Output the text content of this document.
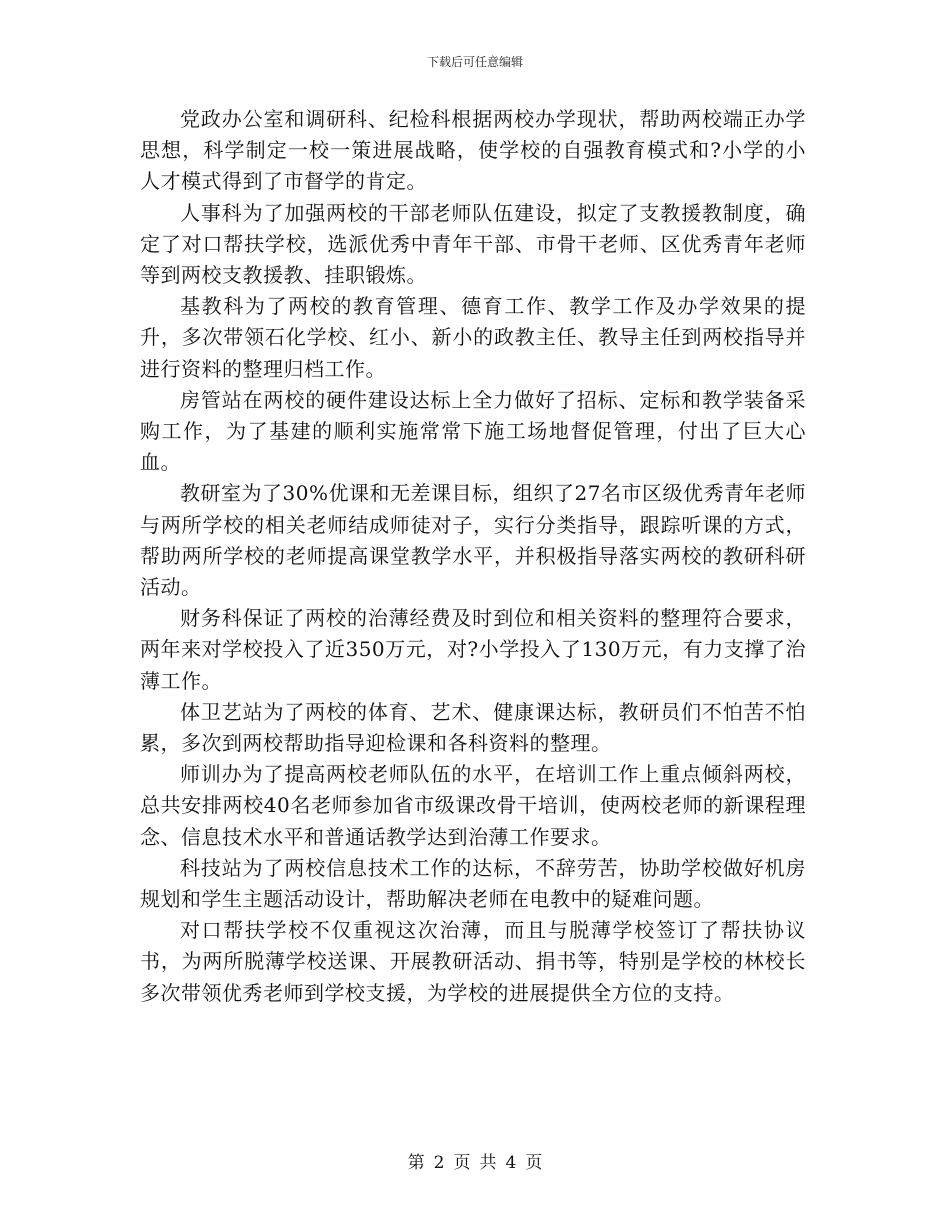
下载后可任意编辑

党政办公室和调研科、纪检科根据两校办学现状，帮助两校端正办学思想，科学制定一校一策进展战略，使学校的自强教育模式和?小学的小人才模式得到了市督学的肯定。

人事科为了加强两校的干部老师队伍建设，拟定了支教援教制度，确定了对口帮扶学校，选派优秀中青年干部、市骨干老师、区优秀青年老师等到两校支教援教、挂职锻炼。

基教科为了两校的教育管理、德育工作、教学工作及办学效果的提升，多次带领石化学校、红小、新小的政教主任、教导主任到两校指导并进行资料的整理归档工作。

房管站在两校的硬件建设达标上全力做好了招标、定标和教学装备采购工作，为了基建的顺利实施常常下施工场地督促管理，付出了巨大心血。

教研室为了30%优课和无差课目标，组织了27名市区级优秀青年老师与两所学校的相关老师结成师徒对子，实行分类指导，跟踪听课的方式，帮助两所学校的老师提高课堂教学水平，并积极指导落实两校的教研科研活动。

财务科保证了两校的治薄经费及时到位和相关资料的整理符合要求，两年来对学校投入了近350万元，对?小学投入了130万元，有力支撑了治薄工作。

体卫艺站为了两校的体育、艺术、健康课达标，教研员们不怕苦不怕累，多次到两校帮助指导迎检课和各科资料的整理。

师训办为了提高两校老师队伍的水平，在培训工作上重点倾斜两校，总共安排两校40名老师参加省市级课改骨干培训，使两校老师的新课程理念、信息技术水平和普通话教学达到治薄工作要求。

科技站为了两校信息技术工作的达标，不辞劳苦，协助学校做好机房规划和学生主题活动设计，帮助解决老师在电教中的疑难问题。

对口帮扶学校不仅重视这次治薄，而且与脱薄学校签订了帮扶协议书，为两所脱薄学校送课、开展教研活动、捐书等，特别是学校的林校长多次带领优秀老师到学校支援，为学校的进展提供全方位的支持。

第 2 页 共 4 页
